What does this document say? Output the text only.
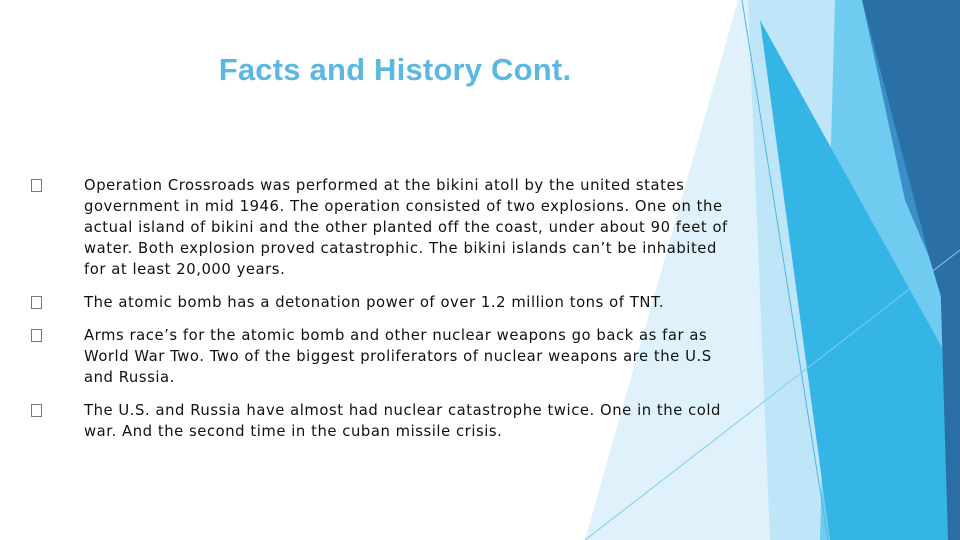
Facts and History Cont.
Operation Crossroads was performed at the bikini atoll by the united states government in mid 1946. The operation consisted of two explosions. One on the actual island of bikini and the other planted off the coast, under about 90 feet of water. Both explosion proved catastrophic. The bikini islands can’t be inhabited for at least 20,000 years.
The atomic bomb has a detonation power of over 1.2 million tons of TNT.
Arms race’s for the atomic bomb and other nuclear weapons go back as far as World War Two. Two of the biggest proliferators of nuclear weapons are the U.S and Russia.
The U.S. and Russia have almost had nuclear catastrophe twice. One in the cold war. And the second time in the cuban missile crisis.
